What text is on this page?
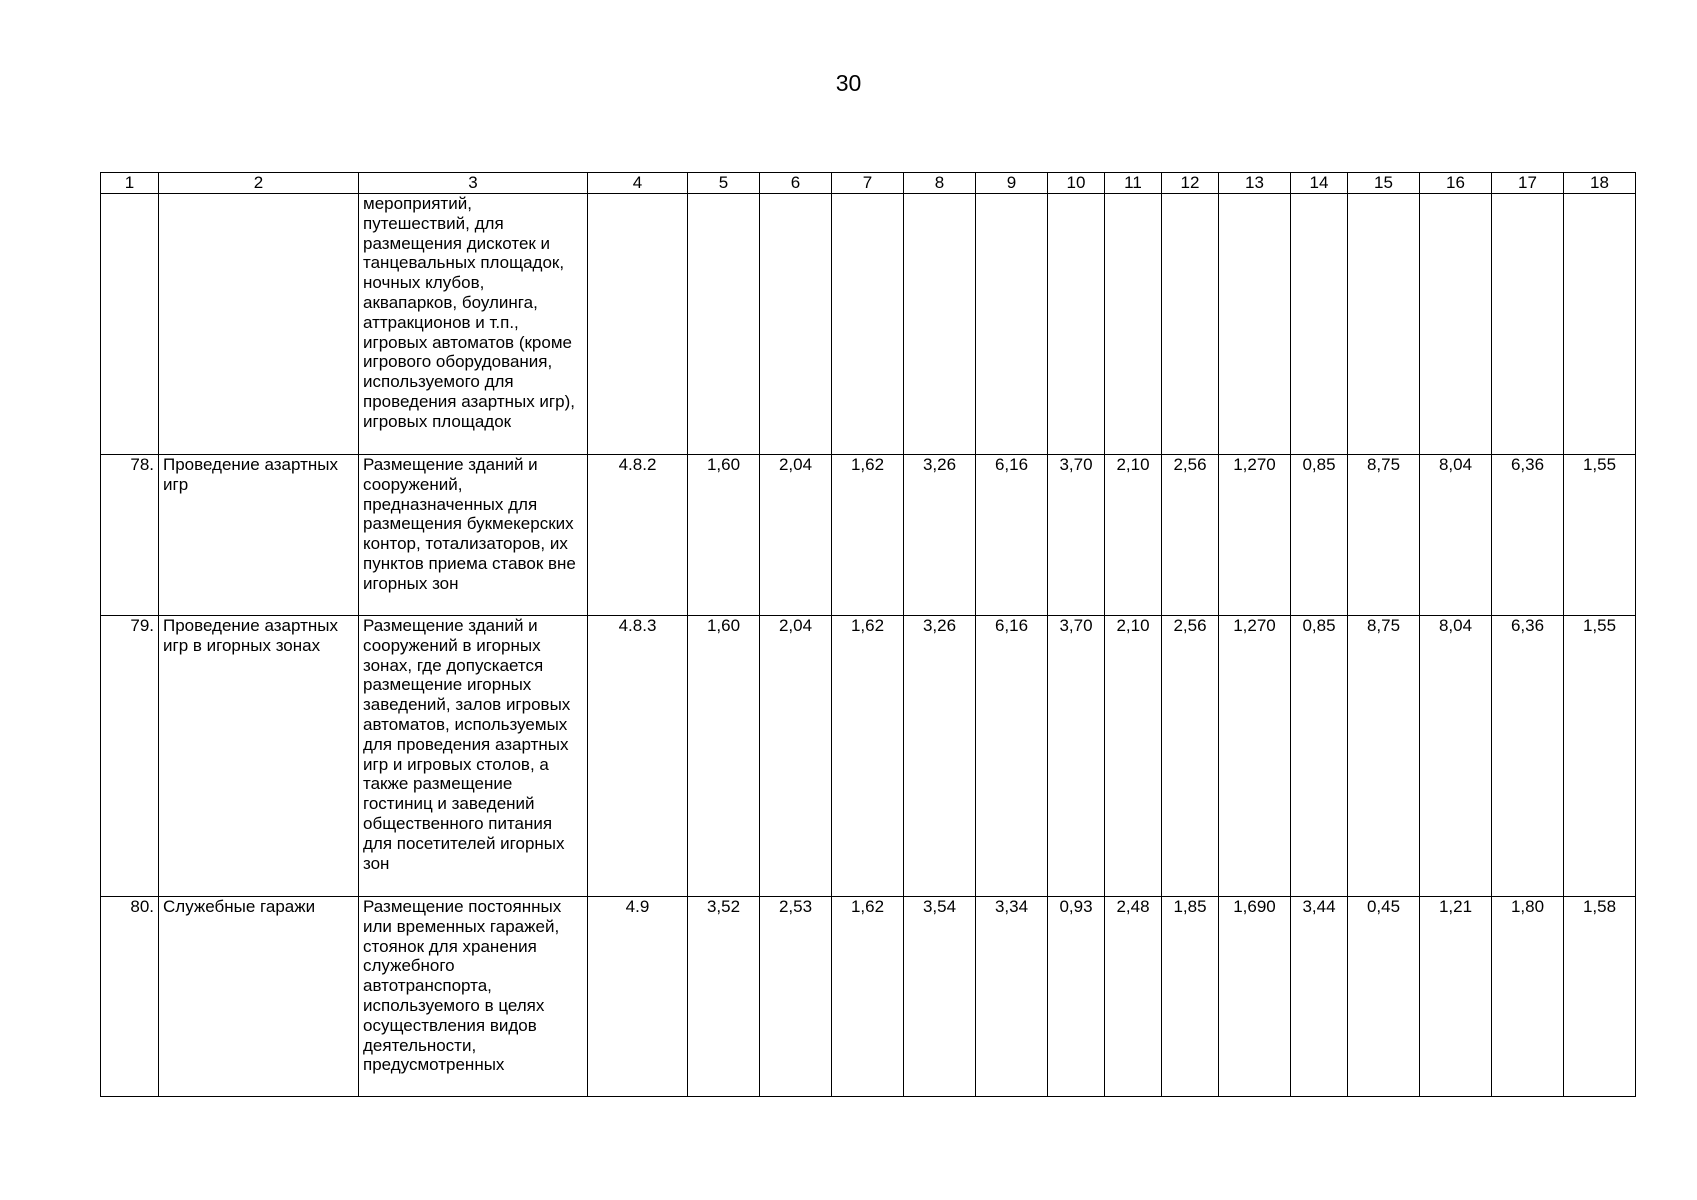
30
1	2	3	4	5	6	7	8	9	10	11	12	13	14	15	16	17	18

		мероприятий, путешествий, для размещения дискотек и танцевальных площадок, ночных клубов, аквапарков, боулинга, аттракционов и т.п., игровых автоматов (кроме игрового оборудования, используемого для проведения азартных игр), игровых площадок															

78.	Проведение азартных игр	Размещение зданий и сооружений, предназначенных для размещения букмекерских контор, тотализаторов, их пунктов приема ставок вне игорных зон	4.8.2	1,60	2,04	1,62	3,26	6,16	3,70	2,10	2,56	1,270	0,85	8,75	8,04	6,36	1,55

79.	Проведение азартных игр в игорных зонах	Размещение зданий и сооружений в игорных зонах, где допускается размещение игорных заведений, залов игровых автоматов, используемых для проведения азартных игр и игровых столов, а также размещение гостиниц и заведений общественного питания для посетителей игорных зон	4.8.3	1,60	2,04	1,62	3,26	6,16	3,70	2,10	2,56	1,270	0,85	8,75	8,04	6,36	1,55

80.	Служебные гаражи	Размещение постоянных или временных гаражей, стоянок для хранения служебного автотранспорта, используемого в целях осуществления видов деятельности, предусмотренных	4.9	3,52	2,53	1,62	3,54	3,34	0,93	2,48	1,85	1,690	3,44	0,45	1,21	1,80	1,58
